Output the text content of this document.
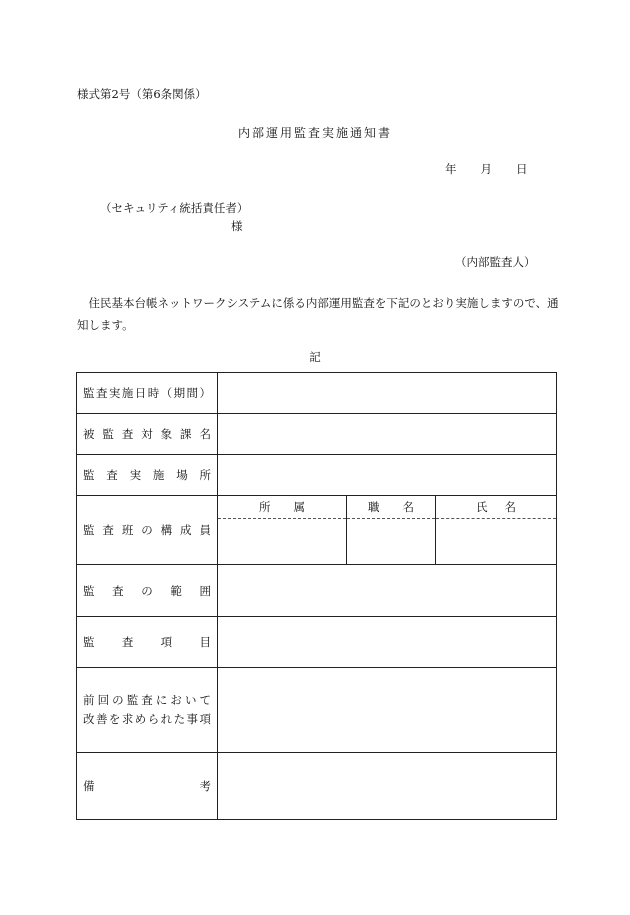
様式第2号（第6条関係）
内部運用監査実施通知書
年 月 日
（セキュリティ統括責任者）
様
（内部監査人）
住民基本台帳ネットワークシステムに係る内部運用監査を下記のとおり実施しますので、通知します。
記
監 査 実 施 日 時 （ 期 間 ）

被 監 査 対 象 課 名

監 査 実 施 場 所

監 査 班 の 構 成 員

所 属	職 名	氏 名

監 査 の 範 囲

監 査 項 目

前 回 の 監 査 に お い て
改 善 を 求 め ら れ た 事 項

備	考
